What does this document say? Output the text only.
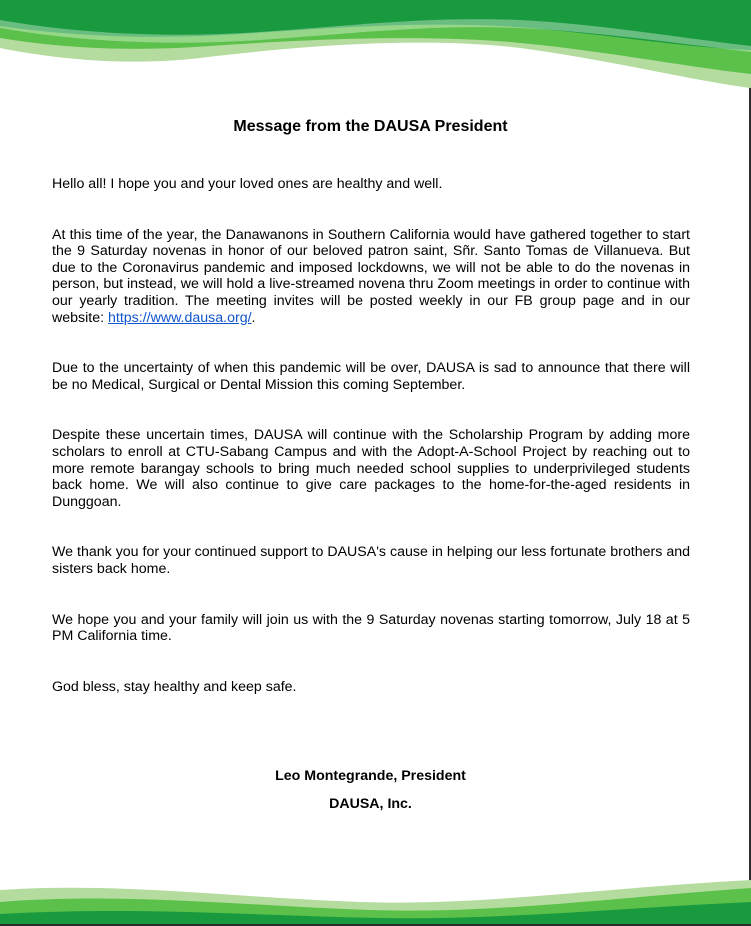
Message from the DAUSA President

Hello all! I hope you and your loved ones are healthy and well.

At this time of the year, the Danawanons in Southern California would have gathered together to start the 9 Saturday novenas in honor of our beloved patron saint, Sñr. Santo Tomas de Villanueva. But due to the Coronavirus pandemic and imposed lockdowns, we will not be able to do the novenas in person, but instead, we will hold a live-streamed novena thru Zoom meetings in order to continue with our yearly tradition. The meeting invites will be posted weekly in our FB group page and in our website: https://www.dausa.org/.

Due to the uncertainty of when this pandemic will be over, DAUSA is sad to announce that there will be no Medical, Surgical or Dental Mission this coming September.

Despite these uncertain times, DAUSA will continue with the Scholarship Program by adding more scholars to enroll at CTU-Sabang Campus and with the Adopt-A-School Project by reaching out to more remote barangay schools to bring much needed school supplies to underprivileged students back home. We will also continue to give care packages to the home-for-the-aged residents in Dunggoan.

We thank you for your continued support to DAUSA's cause in helping our less fortunate brothers and sisters back home.

We hope you and your family will join us with the 9 Saturday novenas starting tomorrow, July 18 at 5 PM California time.

God bless, stay healthy and keep safe.

Leo Montegrande, President

DAUSA, Inc.
